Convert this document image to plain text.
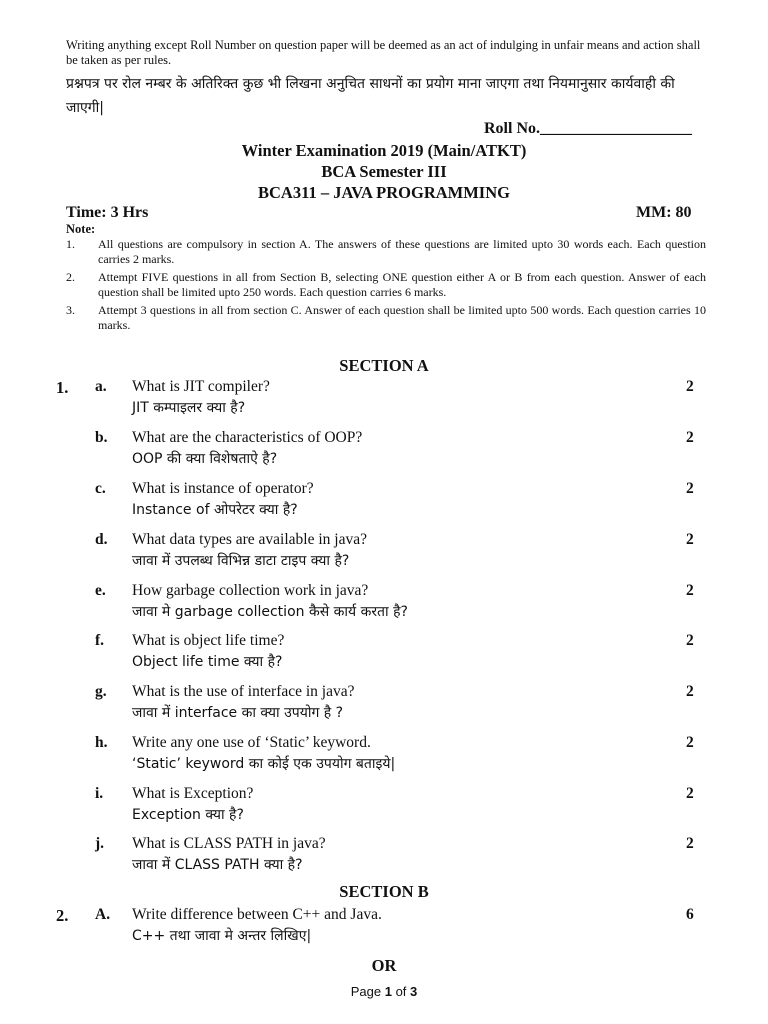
Writing anything except Roll Number on question paper will be deemed as an act of indulging in unfair means and action shall be taken as per rules.
प्रश्नपत्र पर रोल नम्बर के अतिरिक्त कुछ भी लिखना अनुचित साधनों का प्रयोग माना जाएगा तथा नियमानुसार कार्यवाही की जाएगी|
Roll No.___________________
Winter Examination 2019 (Main/ATKT)
BCA Semester III
BCA311 – JAVA PROGRAMMING
Time: 3 Hrs	MM: 80
Note:
1.	All questions are compulsory in section A. The answers of these questions are limited upto 30 words each. Each question carries 2 marks.
2.	Attempt FIVE questions in all from Section B, selecting ONE question either A or B from each question. Answer of each question shall be limited upto 250 words. Each question carries 6 marks.
3.	Attempt 3 questions in all from section C. Answer of each question shall be limited upto 500 words. Each question carries 10 marks.
SECTION A
1. a. What is JIT compiler?
JIT कम्पाइलर क्या है?
2
b. What are the characteristics of OOP?
OOP की क्या विशेषताऐ है?
2
c. What is instance of operator?
Instance of ओपरेटर क्या है?
2
d. What data types are available in java?
जावा में उपलब्ध विभिन्न डाटा टाइप क्या है?
2
e. How garbage collection work in java?
जावा मे garbage collection कैसे कार्य करता है?
2
f. What is object life time?
Object life time क्या है?
2
g. What is the use of interface in java?
जावा में interface का क्या उपयोग है ?
2
h. Write any one use of ‘Static’ keyword.
‘Static’ keyword का कोई एक उपयोग बताइये|
2
i. What is Exception?
Exception क्या है?
2
j. What is CLASS PATH in java?
जावा में CLASS PATH क्या है?
2
SECTION B
2. A. Write difference between C++ and Java.
C++ तथा जावा मे अन्तर लिखिए|
6
OR
Page 1 of 3
